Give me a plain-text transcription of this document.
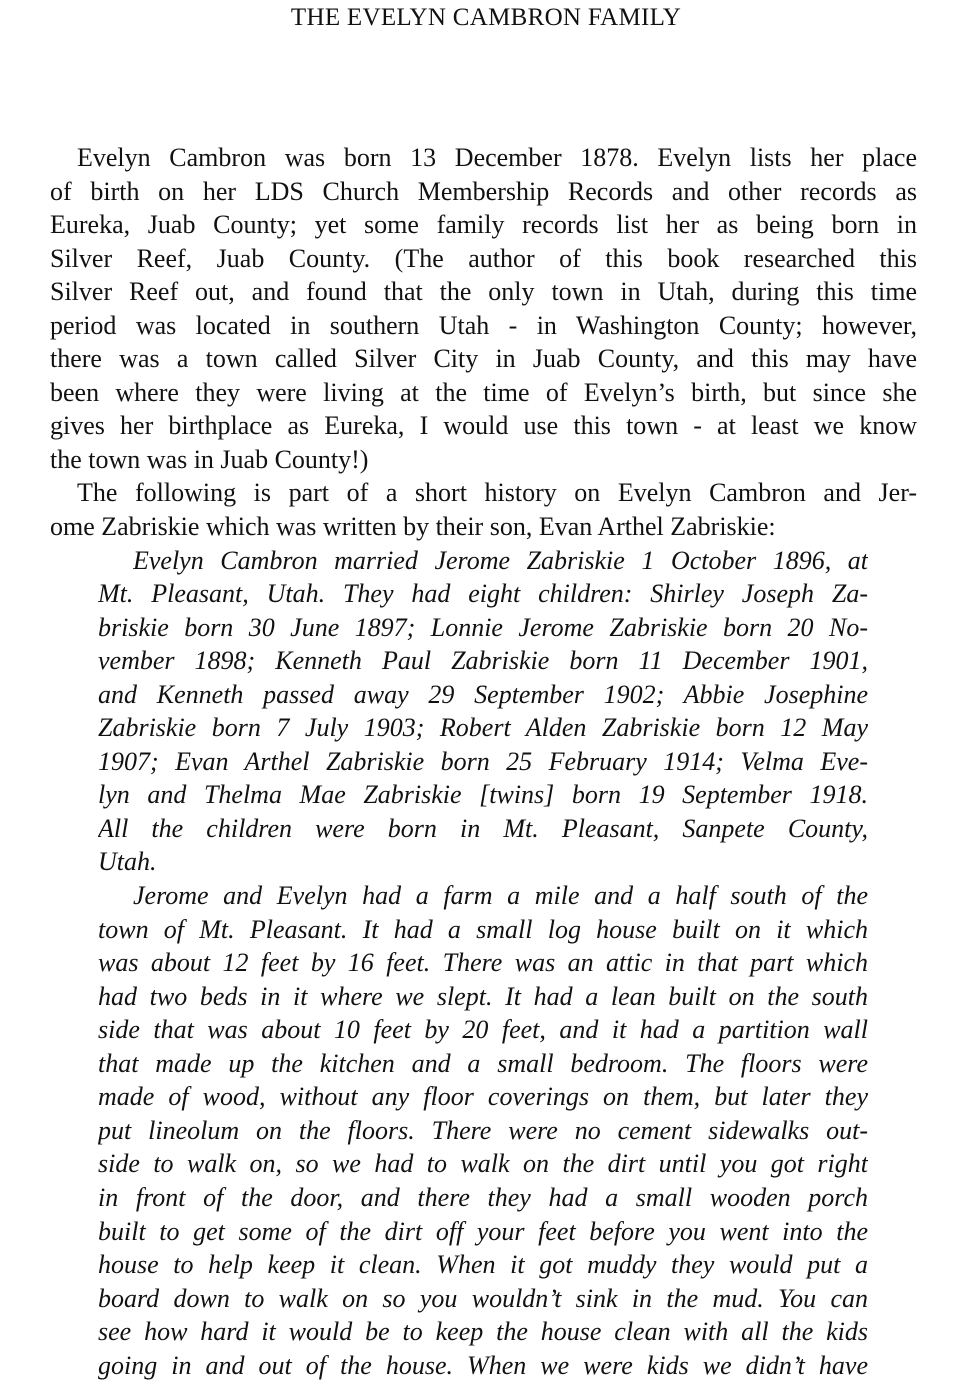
THE EVELYN CAMBRON FAMILY
Evelyn Cambron was born 13 December 1878. Evelyn lists her place
of birth on her LDS Church Membership Records and other records as
Eureka, Juab County; yet some family records list her as being born in
Silver Reef, Juab County. (The author of this book researched this
Silver Reef out, and found that the only town in Utah, during this time
period was located in southern Utah - in Washington County; however,
there was a town called Silver City in Juab County, and this may have
been where they were living at the time of Evelyn’s birth, but since she
gives her birthplace as Eureka, I would use this town - at least we know
the town was in Juab County!)
The following is part of a short history on Evelyn Cambron and Jer-
ome Zabriskie which was written by their son, Evan Arthel Zabriskie:
Evelyn Cambron married Jerome Zabriskie 1 October 1896, at
Mt. Pleasant, Utah. They had eight children: Shirley Joseph Za-
briskie born 30 June 1897; Lonnie Jerome Zabriskie born 20 No-
vember 1898; Kenneth Paul Zabriskie born 11 December 1901,
and Kenneth passed away 29 September 1902; Abbie Josephine
Zabriskie born 7 July 1903; Robert Alden Zabriskie born 12 May
1907; Evan Arthel Zabriskie born 25 February 1914; Velma Eve-
lyn and Thelma Mae Zabriskie [twins] born 19 September 1918.
All the children were born in Mt. Pleasant, Sanpete County,
Utah.
Jerome and Evelyn had a farm a mile and a half south of the
town of Mt. Pleasant. It had a small log house built on it which
was about 12 feet by 16 feet. There was an attic in that part which
had two beds in it where we slept. It had a lean built on the south
side that was about 10 feet by 20 feet, and it had a partition wall
that made up the kitchen and a small bedroom. The floors were
made of wood, without any floor coverings on them, but later they
put lineolum on the floors. There were no cement sidewalks out-
side to walk on, so we had to walk on the dirt until you got right
in front of the door, and there they had a small wooden porch
built to get some of the dirt off your feet before you went into the
house to help keep it clean. When it got muddy they would put a
board down to walk on so you wouldn’t sink in the mud. You can
see how hard it would be to keep the house clean with all the kids
going in and out of the house. When we were kids we didn’t have
